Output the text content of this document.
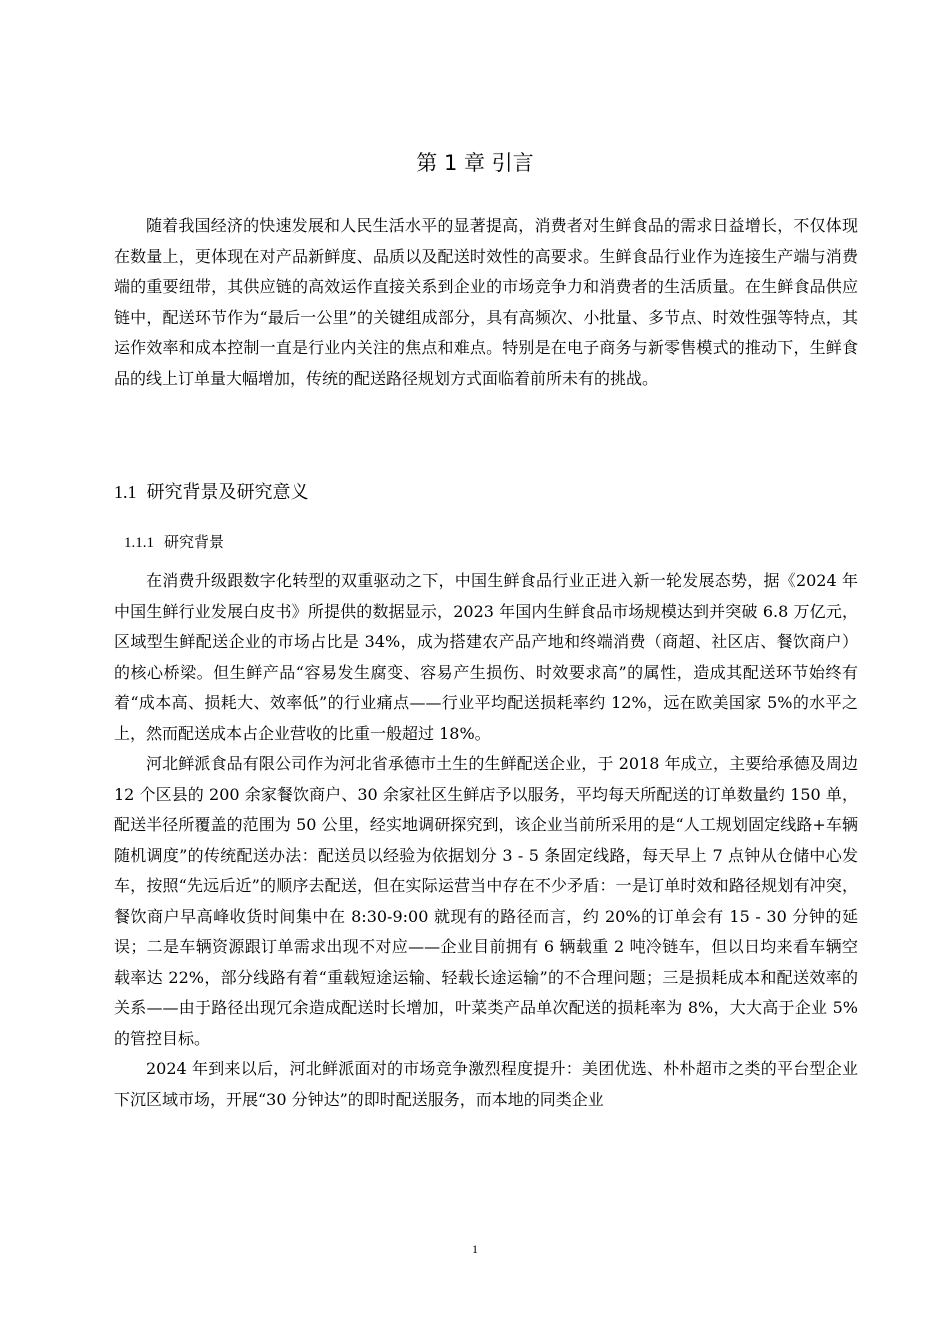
第 1 章 引言

随着我国经济的快速发展和人民生活水平的显著提高，消费者对生鲜食品的需求日益增长，不仅体现在数量上，更体现在对产品新鲜度、品质以及配送时效性的高要求。生鲜食品行业作为连接生产端与消费端的重要纽带，其供应链的高效运作直接关系到企业的市场竞争力和消费者的生活质量。在生鲜食品供应链中，配送环节作为“最后一公里”的关键组成部分，具有高频次、小批量、多节点、时效性强等特点，其运作效率和成本控制一直是行业内关注的焦点和难点。特别是在电子商务与新零售模式的推动下，生鲜食品的线上订单量大幅增加，传统的配送路径规划方式面临着前所未有的挑战。

1.1 研究背景及研究意义
1.1.1 研究背景

在消费升级跟数字化转型的双重驱动之下，中国生鲜食品行业正进入新一轮发展态势，据《2024 年中国生鲜行业发展白皮书》所提供的数据显示，2023 年国内生鲜食品市场规模达到并突破 6.8 万亿元，区域型生鲜配送企业的市场占比是 34%，成为搭建农产品产地和终端消费（商超、社区店、餐饮商户）的核心桥梁。但生鲜产品“容易发生腐变、容易产生损伤、时效要求高”的属性，造成其配送环节始终有着“成本高、损耗大、效率低”的行业痛点——行业平均配送损耗率约 12%，远在欧美国家 5%的水平之上，然而配送成本占企业营收的比重一般超过 18%。

河北鲜派食品有限公司作为河北省承德市土生的生鲜配送企业，于 2018 年成立，主要给承德及周边 12 个区县的 200 余家餐饮商户、30 余家社区生鲜店予以服务，平均每天所配送的订单数量约 150 单，配送半径所覆盖的范围为 50 公里，经实地调研探究到，该企业当前所采用的是“人工规划固定线路+车辆随机调度”的传统配送办法：配送员以经验为依据划分 3 - 5 条固定线路，每天早上 7 点钟从仓储中心发车，按照“先远后近”的顺序去配送，但在实际运营当中存在不少矛盾：一是订单时效和路径规划有冲突，餐饮商户早高峰收货时间集中在 8:30-9:00 就现有的路径而言，约 20%的订单会有 15 - 30 分钟的延误；二是车辆资源跟订单需求出现不对应——企业目前拥有 6 辆载重 2 吨冷链车，但以日均来看车辆空载率达 22%，部分线路有着“重载短途运输、轻载长途运输”的不合理问题；三是损耗成本和配送效率的关系——由于路径出现冗余造成配送时长增加，叶菜类产品单次配送的损耗率为 8%，大大高于企业 5%的管控目标。

2024 年到来以后，河北鲜派面对的市场竞争激烈程度提升：美团优选、朴朴超市之类的平台型企业下沉区域市场，开展“30 分钟达”的即时配送服务，而本地的同类企业

1
